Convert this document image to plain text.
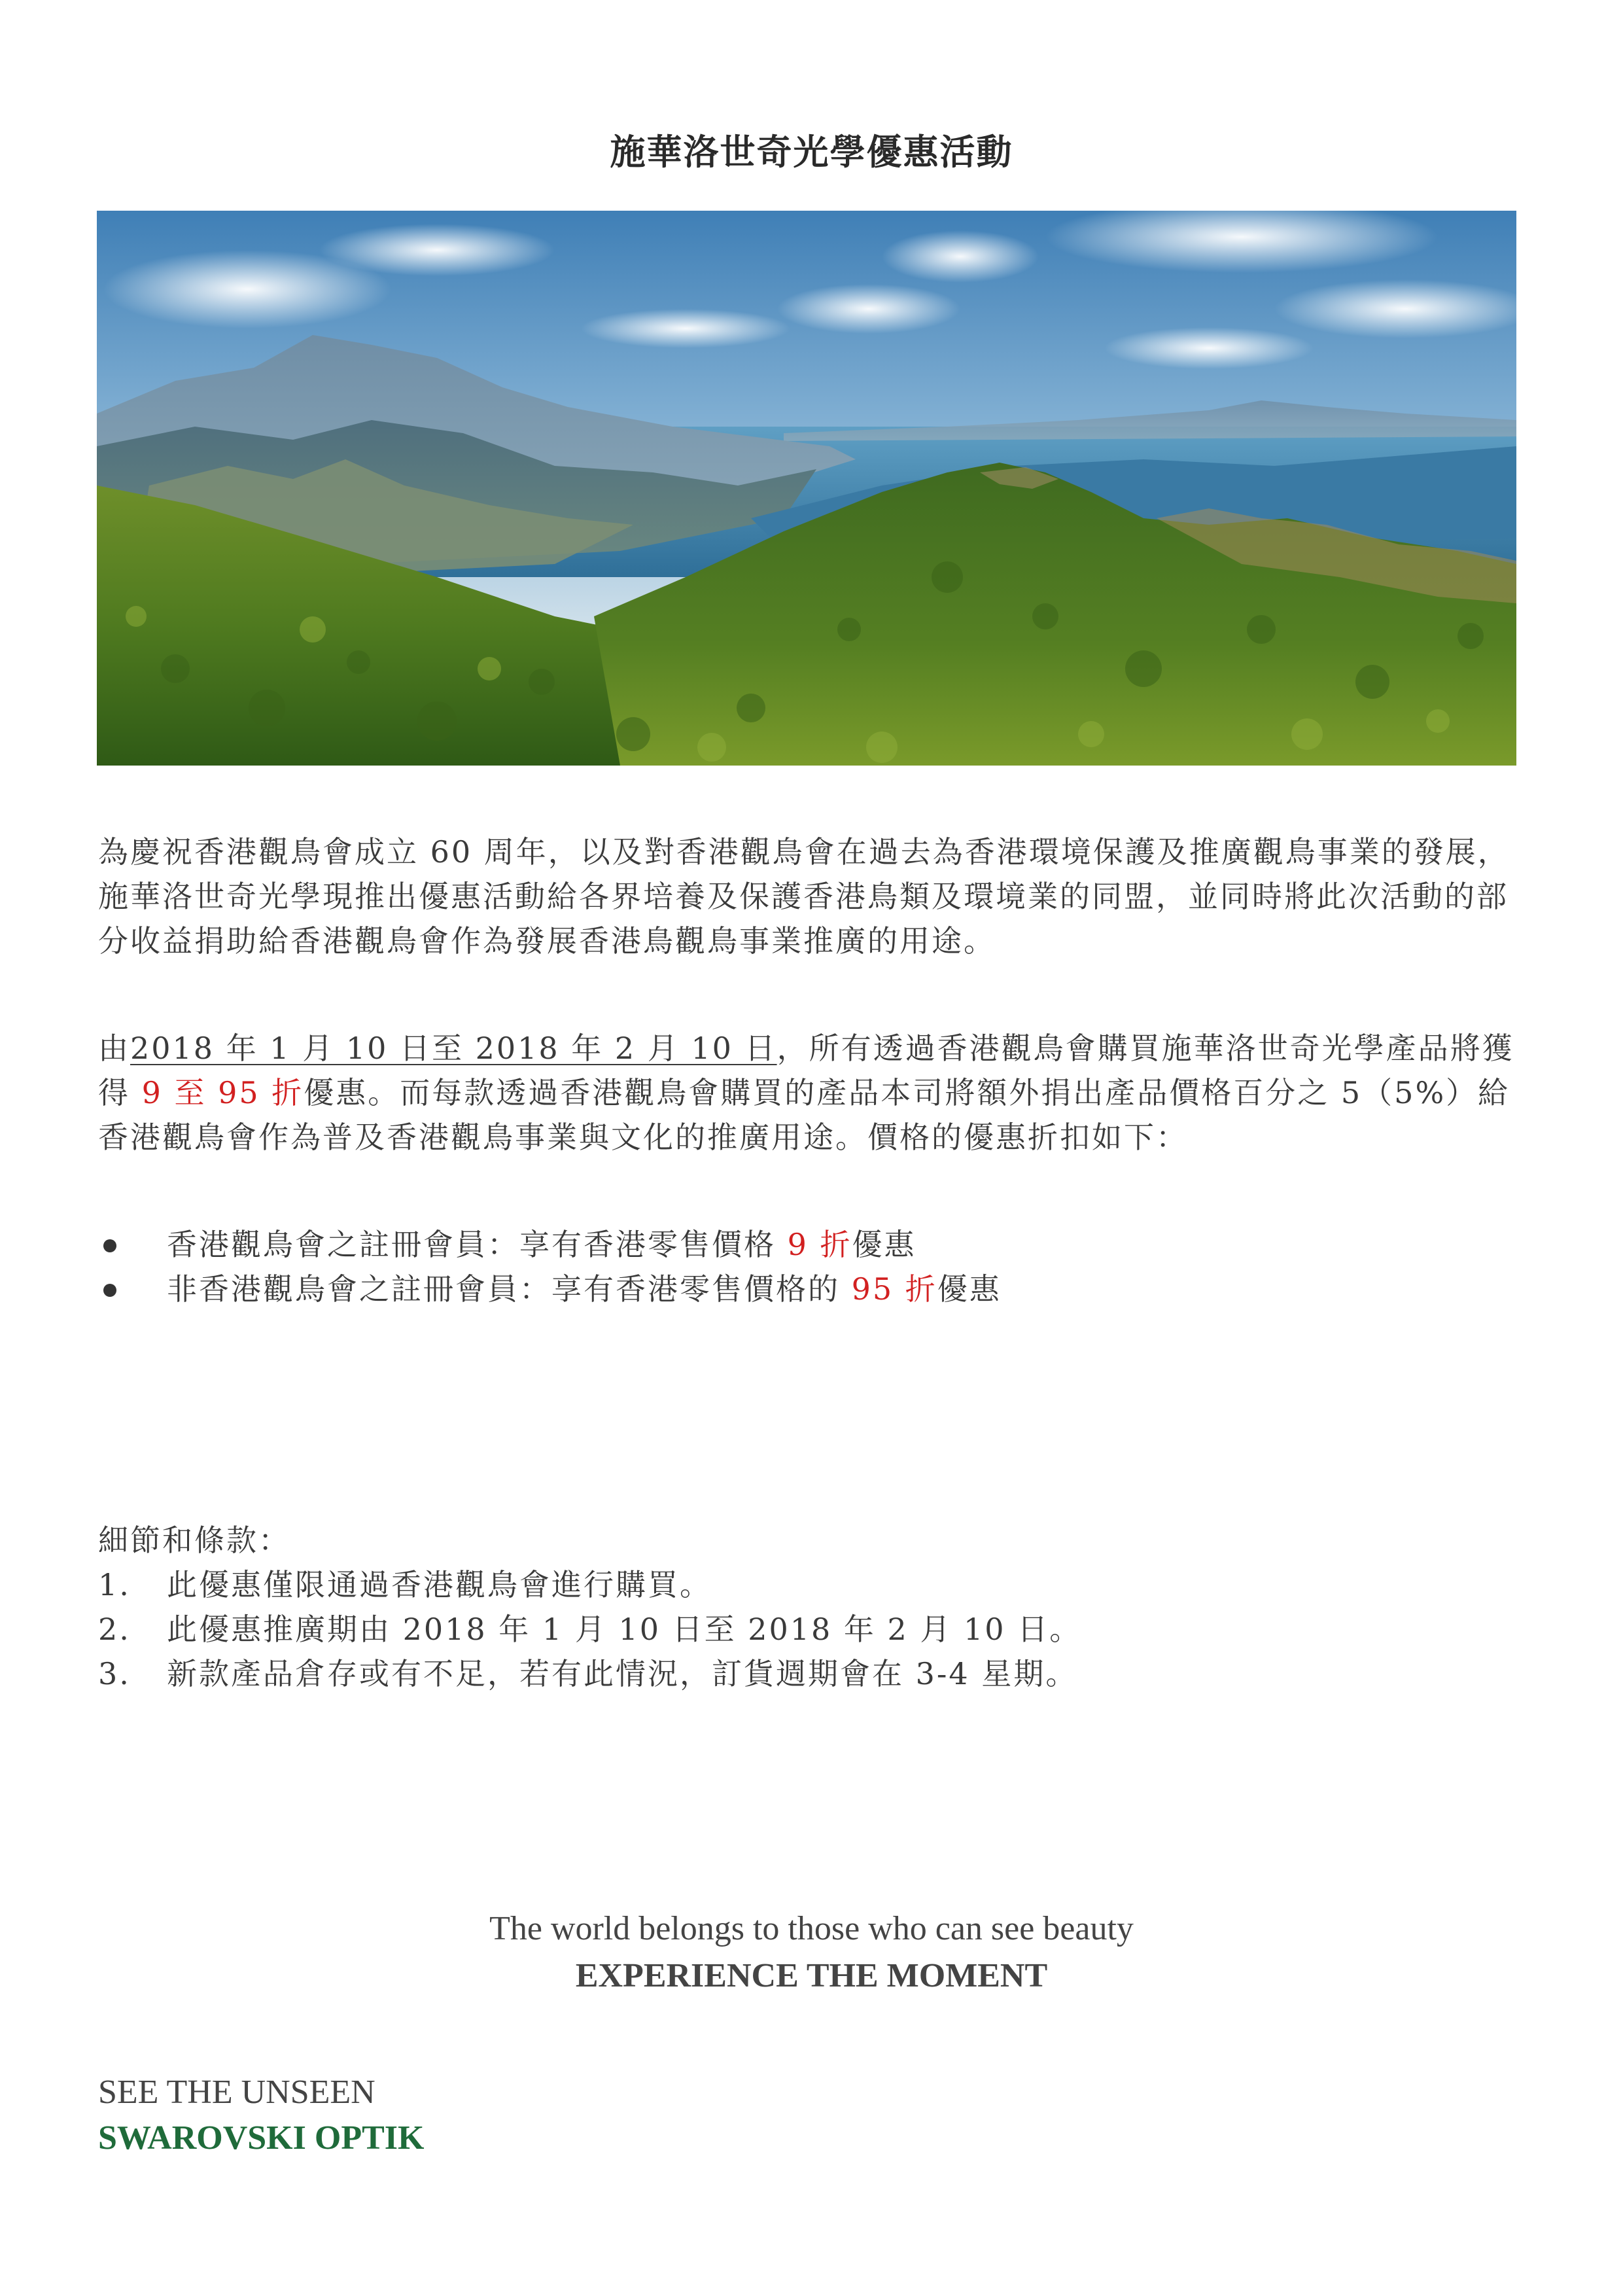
施華洛世奇光學優惠活動

為慶祝香港觀鳥會成立 60 周年，以及對香港觀鳥會在過去為香港環境保護及推廣觀鳥事業的發展，施華洛世奇光學現推出優惠活動給各界培養及保護香港鳥類及環境業的同盟，並同時將此次活動的部分收益捐助給香港觀鳥會作為發展香港鳥觀鳥事業推廣的用途。

由2018 年 1 月 10 日至 2018 年 2 月 10 日，所有透過香港觀鳥會購買施華洛世奇光學產品將獲得 9 至 95 折優惠。而每款透過香港觀鳥會購買的產品本司將額外捐出產品價格百分之 5（5%）給香港觀鳥會作為普及香港觀鳥事業與文化的推廣用途。價格的優惠折扣如下：

香港觀鳥會之註冊會員：享有香港零售價格 9 折優惠
非香港觀鳥會之註冊會員：享有香港零售價格的 95 折優惠
細節和條款：
1. 此優惠僅限通過香港觀鳥會進行購買。
2. 此優惠推廣期由 2018 年 1 月 10 日至 2018 年 2 月 10 日。
3. 新款產品倉存或有不足，若有此情況，訂貨週期會在 3-4 星期。

The world belongs to those who can see beauty

EXPERIENCE THE MOMENT

SEE THE UNSEEN
SWAROVSKI OPTIK
